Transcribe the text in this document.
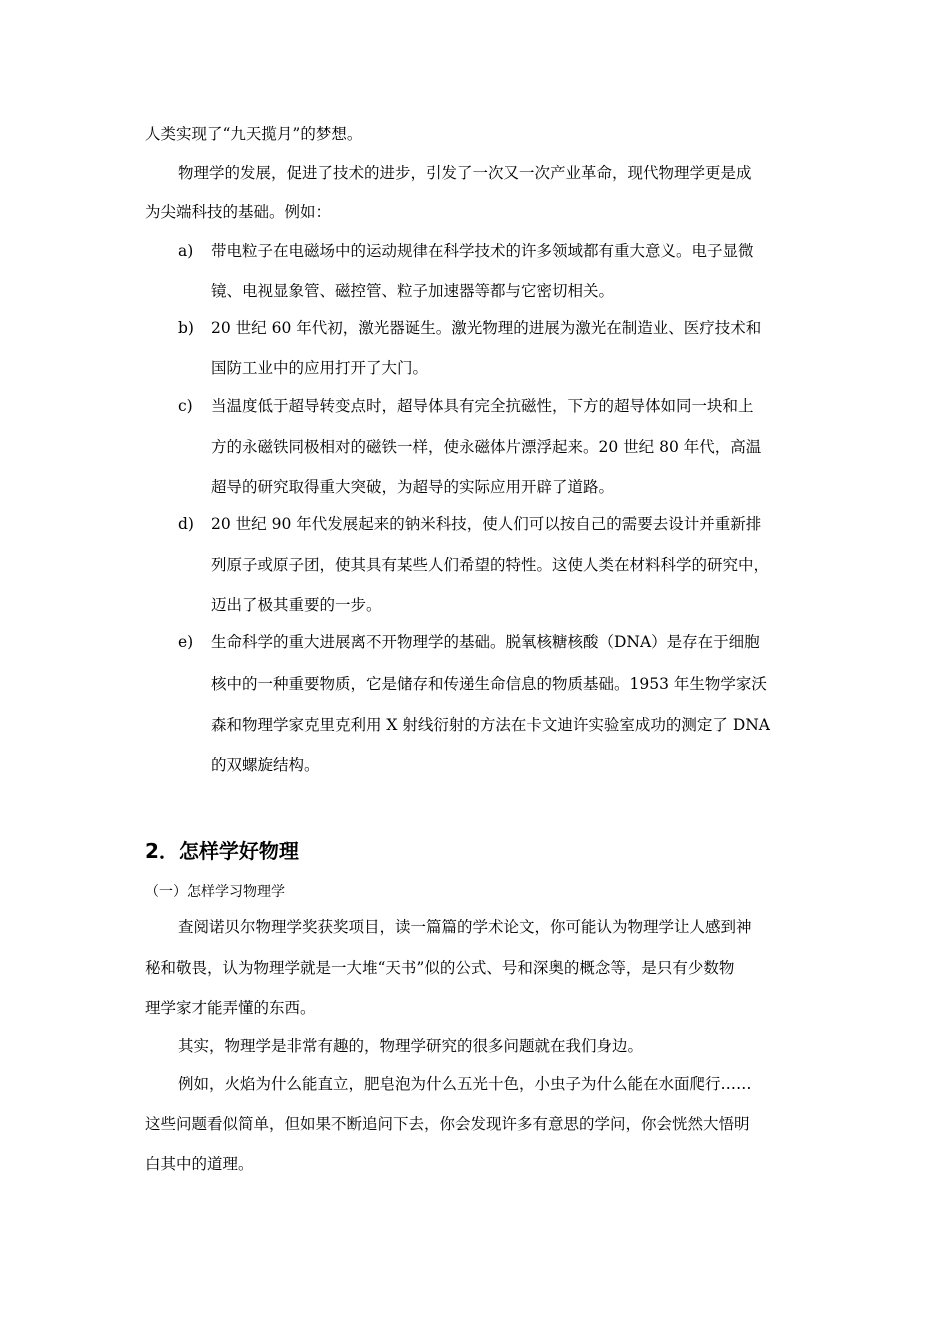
人类实现了“九天揽月”的梦想。
物理学的发展，促进了技术的进步，引发了一次又一次产业革命，现代物理学更是成
为尖端科技的基础。例如：
a) 带电粒子在电磁场中的运动规律在科学技术的许多领域都有重大意义。电子显微
镜、电视显象管、磁控管、粒子加速器等都与它密切相关。
b) 20 世纪 60 年代初，激光器诞生。激光物理的进展为激光在制造业、医疗技术和
国防工业中的应用打开了大门。
c) 当温度低于超导转变点时，超导体具有完全抗磁性，下方的超导体如同一块和上
方的永磁铁同极相对的磁铁一样，使永磁体片漂浮起来。20 世纪 80 年代，高温
超导的研究取得重大突破，为超导的实际应用开辟了道路。
d) 20 世纪 90 年代发展起来的钠米科技，使人们可以按自己的需要去设计并重新排
列原子或原子团，使其具有某些人们希望的特性。这使人类在材料科学的研究中，
迈出了极其重要的一步。
e) 生命科学的重大进展离不开物理学的基础。脱氧核糖核酸（DNA）是存在于细胞
核中的一种重要物质，它是储存和传递生命信息的物质基础。1953 年生物学家沃
森和物理学家克里克利用 X 射线衍射的方法在卡文迪许实验室成功的测定了 DNA
的双螺旋结构。
2．怎样学好物理
（一）怎样学习物理学
查阅诺贝尔物理学奖获奖项目，读一篇篇的学术论文，你可能认为物理学让人感到神
秘和敬畏，认为物理学就是一大堆“天书”似的公式、号和深奥的概念等，是只有少数物
理学家才能弄懂的东西。
其实，物理学是非常有趣的，物理学研究的很多问题就在我们身边。
例如，火焰为什么能直立，肥皂泡为什么五光十色，小虫子为什么能在水面爬行……
这些问题看似简单，但如果不断追问下去，你会发现许多有意思的学问，你会恍然大悟明
白其中的道理。
